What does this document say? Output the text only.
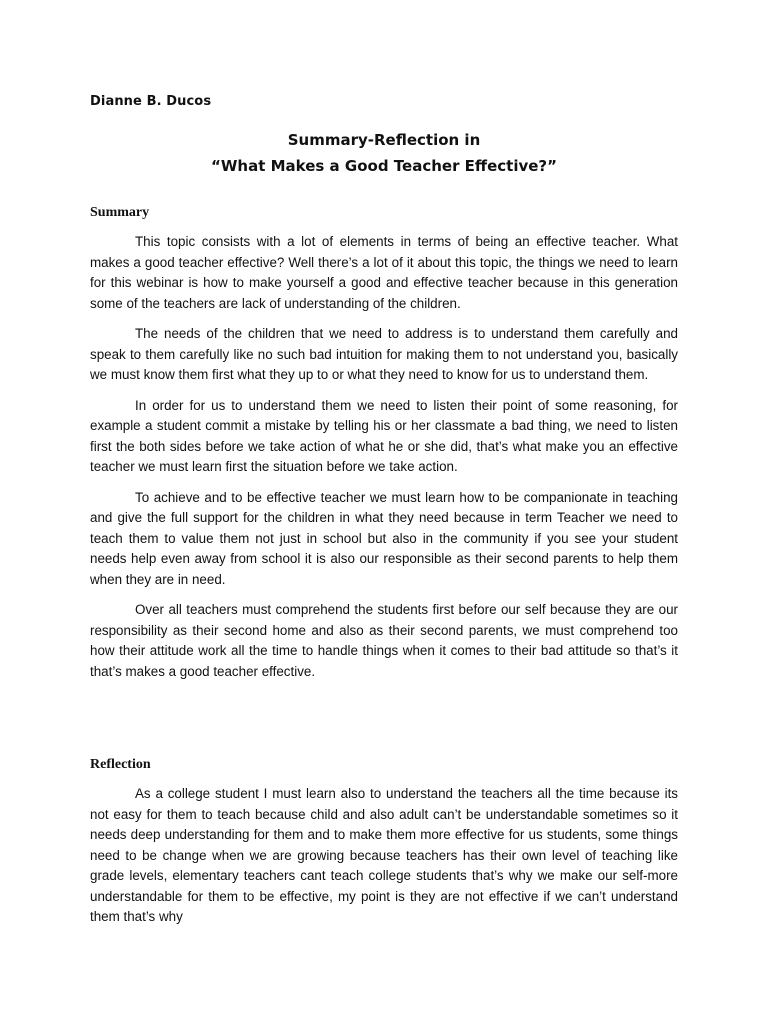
Dianne B. Ducos
Summary-Reflection in
“What Makes a Good Teacher Effective?”
Summary

This topic consists with a lot of elements in terms of being an effective teacher. What makes a good teacher effective? Well there’s a lot of it about this topic, the things we need to learn for this webinar is how to make yourself a good and effective teacher because in this generation some of the teachers are lack of understanding of the children.

The needs of the children that we need to address is to understand them carefully and speak to them carefully like no such bad intuition for making them to not understand you, basically we must know them first what they up to or what they need to know for us to understand them.

In order for us to understand them we need to listen their point of some reasoning, for example a student commit a mistake by telling his or her classmate a bad thing, we need to listen first the both sides before we take action of what he or she did, that’s what make you an effective teacher we must learn first the situation before we take action.

To achieve and to be effective teacher we must learn how to be companionate in teaching and give the full support for the children in what they need because in term Teacher we need to teach them to value them not just in school but also in the community if you see your student needs help even away from school it is also our responsible as their second parents to help them when they are in need.

Over all teachers must comprehend the students first before our self because they are our responsibility as their second home and also as their second parents, we must comprehend too how their attitude work all the time to handle things when it comes to their bad attitude so that’s it that’s makes a good teacher effective.

Reflection

As a college student I must learn also to understand the teachers all the time because its not easy for them to teach because child and also adult can’t be understandable sometimes so it needs deep understanding for them and to make them more effective for us students, some things need to be change when we are growing because teachers has their own level of teaching like grade levels, elementary teachers cant teach college students that’s why we make our self-more understandable for them to be effective, my point is they are not effective if we can’t understand them that’s why
